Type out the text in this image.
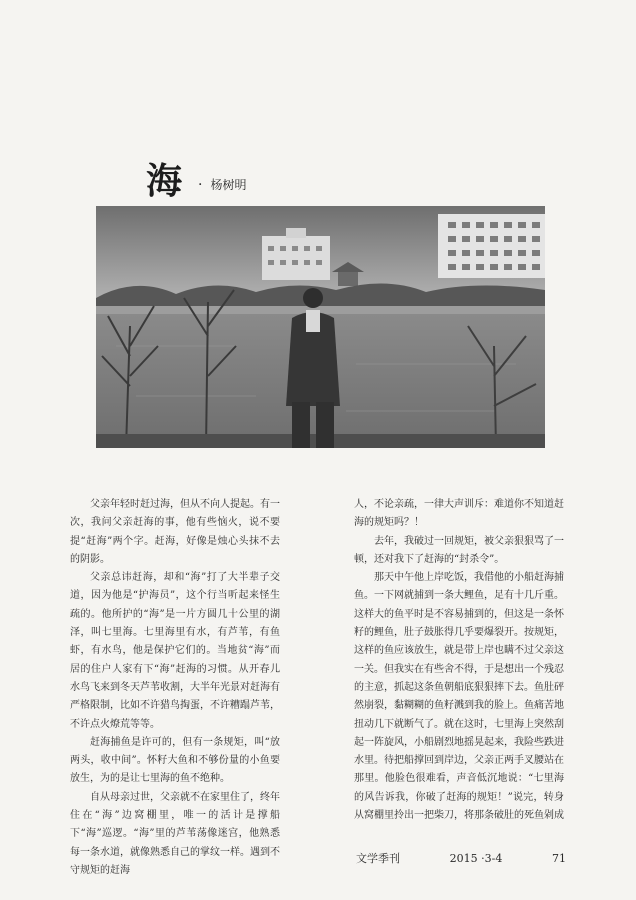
海 · 杨树明

父亲年轻时赶过海，但从不向人提起。有一次，我问父亲赶海的事，他有些恼火，说不要提“赶海”两个字。赶海，好像是烛心头抹不去的阴影。

父亲总讳赶海，却和“海”打了大半辈子交道，因为他是“护海员”，这个行当听起来怪生疏的。他所护的“海”是一片方圆几十公里的湖泽，叫七里海。七里海里有水，有芦苇，有鱼虾，有水鸟，他是保护它们的。当地贫“海”而居的住户人家有下“海”赶海的习惯。从开春儿水鸟飞来到冬天芦苇收割，大半年光景对赶海有严格限制，比如不许猎鸟掏蛋，不许糟蹋芦苇，不许点火燎荒等等。

赶海捕鱼是许可的，但有一条规矩，叫“放两头，收中间”。怀籽大鱼和不够份量的小鱼要放生，为的是让七里海的鱼不绝种。

自从母亲过世，父亲就不在家里住了，终年住在“海”边窝棚里，唯一的活计是撑船下“海”巡逻。“海”里的芦苇荡像迷宫，他熟悉每一条水道，就像熟悉自己的掌纹一样。遇到不守规矩的赶海

人，不论亲疏，一律大声训斥：难道你不知道赶海的规矩吗？！

去年，我破过一回规矩，被父亲狠狠骂了一顿，还对我下了赶海的“封杀令”。

那天中午他上岸吃饭，我借他的小船赶海捕鱼。一下网就捕到一条大鲤鱼，足有十几斤重。这样大的鱼平时是不容易捕到的，但这是一条怀籽的鲤鱼，肚子鼓胀得几乎要爆裂开。按规矩，这样的鱼应该放生，就是带上岸也瞒不过父亲这一关。但我实在有些舍不得，于是想出一个残忍的主意，抓起这条鱼朝船底狠狠摔下去。鱼肚砰然崩裂，黏糊糊的鱼籽溅到我的脸上。鱼痛苦地扭动几下就断气了。就在这时，七里海上突然刮起一阵旋风，小船剧烈地摇晃起来，我险些跌进水里。待把船撑回到岸边，父亲正两手叉腰站在那里。他脸色很难看，声音低沉地说：“七里海的风告诉我，你破了赶海的规矩！”说完，转身从窝棚里拎出一把柴刀，将那条破肚的死鱼剁成

文学季刊	2015 ·3-4	71
